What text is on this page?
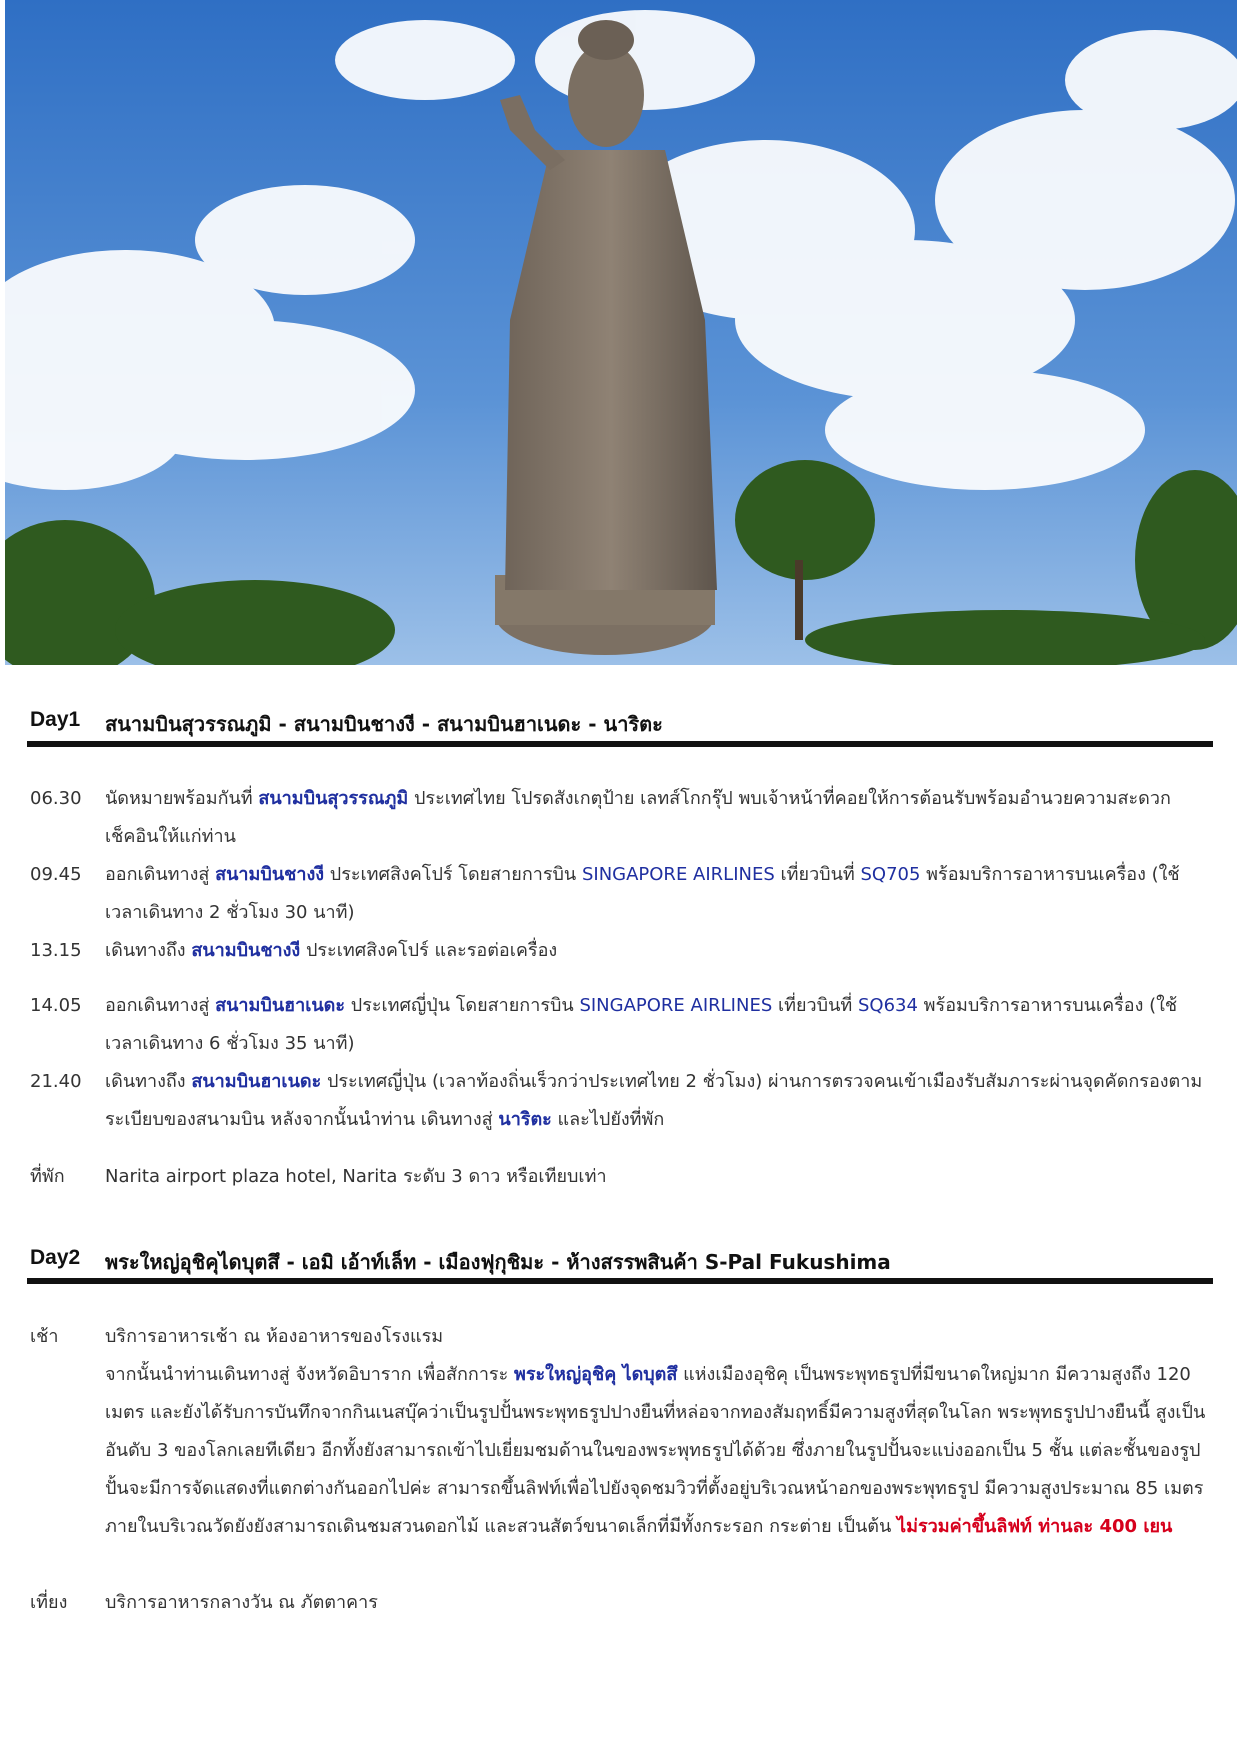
Day1 สนามบินสุวรรณภูมิ - สนามบินชางงี - สนามบินฮาเนดะ - นาริตะ
06.30 นัดหมายพร้อมกันที่ สนามบินสุวรรณภูมิ ประเทศไทย โปรดสังเกตุป้าย เลทส์โกกรุ๊ป พบเจ้าหน้าที่คอยให้การต้อนรับพร้อมอำนวยความสะดวก
เช็คอินให้แก่ท่าน
09.45 ออกเดินทางสู่ สนามบินชางงี ประเทศสิงคโปร์ โดยสายการบิน SINGAPORE AIRLINES เที่ยวบินที่ SQ705 พร้อมบริการอาหารบนเครื่อง (ใช้
เวลาเดินทาง 2 ชั่วโมง 30 นาที)
13.15 เดินทางถึง สนามบินชางงี ประเทศสิงคโปร์ และรอต่อเครื่อง
14.05 ออกเดินทางสู่ สนามบินฮาเนดะ ประเทศญี่ปุ่น โดยสายการบิน SINGAPORE AIRLINES เที่ยวบินที่ SQ634 พร้อมบริการอาหารบนเครื่อง (ใช้
เวลาเดินทาง 6 ชั่วโมง 35 นาที)
21.40 เดินทางถึง สนามบินฮาเนดะ ประเทศญี่ปุ่น (เวลาท้องถิ่นเร็วกว่าประเทศไทย 2 ชั่วโมง) ผ่านการตรวจคนเข้าเมืองรับสัมภาระผ่านจุดคัดกรองตาม
ระเบียบของสนามบิน หลังจากนั้นนำท่าน เดินทางสู่ นาริตะ และไปยังที่พัก
ที่พัก Narita airport plaza hotel, Narita ระดับ 3 ดาว หรือเทียบเท่า
Day2 พระใหญ่อุชิคุไดบุตสึ - เอมิ เอ้าท์เล็ท - เมืองฟุกุชิมะ - ห้างสรรพสินค้า S-Pal Fukushima
เช้า	บริการอาหารเช้า ณ ห้องอาหารของโรงแรม
จากนั้นนำท่านเดินทางสู่ จังหวัดอิบาราก เพื่อสักการะ พระใหญ่อุชิคุ ไดบุตสึ แห่งเมืองอุชิคุ เป็นพระพุทธรูปที่มีขนาดใหญ่มาก มีความสูงถึง 120
เมตร และยังได้รับการบันทึกจากกินเนสบุ๊คว่าเป็นรูปปั้นพระพุทธรูปปางยืนที่หล่อจากทองสัมฤทธิ์มีความสูงที่สุดในโลก พระพุทธรูปปางยืนนี้ สูงเป็น
อันดับ 3 ของโลกเลยทีเดียว อีกทั้งยังสามารถเข้าไปเยี่ยมชมด้านในของพระพุทธรูปได้ด้วย ซึ่งภายในรูปปั้นจะแบ่งออกเป็น 5 ชั้น แต่ละชั้นของรูป
ปั้นจะมีการจัดแสดงที่แตกต่างกันออกไปค่ะ สามารถขึ้นลิฟท์เพื่อไปยังจุดชมวิวที่ตั้งอยู่บริเวณหน้าอกของพระพุทธรูป มีความสูงประมาณ 85 เมตร
ภายในบริเวณวัดยังยังสามารถเดินชมสวนดอกไม้ และสวนสัตว์ขนาดเล็กที่มีทั้งกระรอก กระต่าย เป็นต้น ไม่รวมค่าขึ้นลิฟท์ ท่านละ 400 เยน
เที่ยง บริการอาหารกลางวัน ณ ภัตตาคาร
